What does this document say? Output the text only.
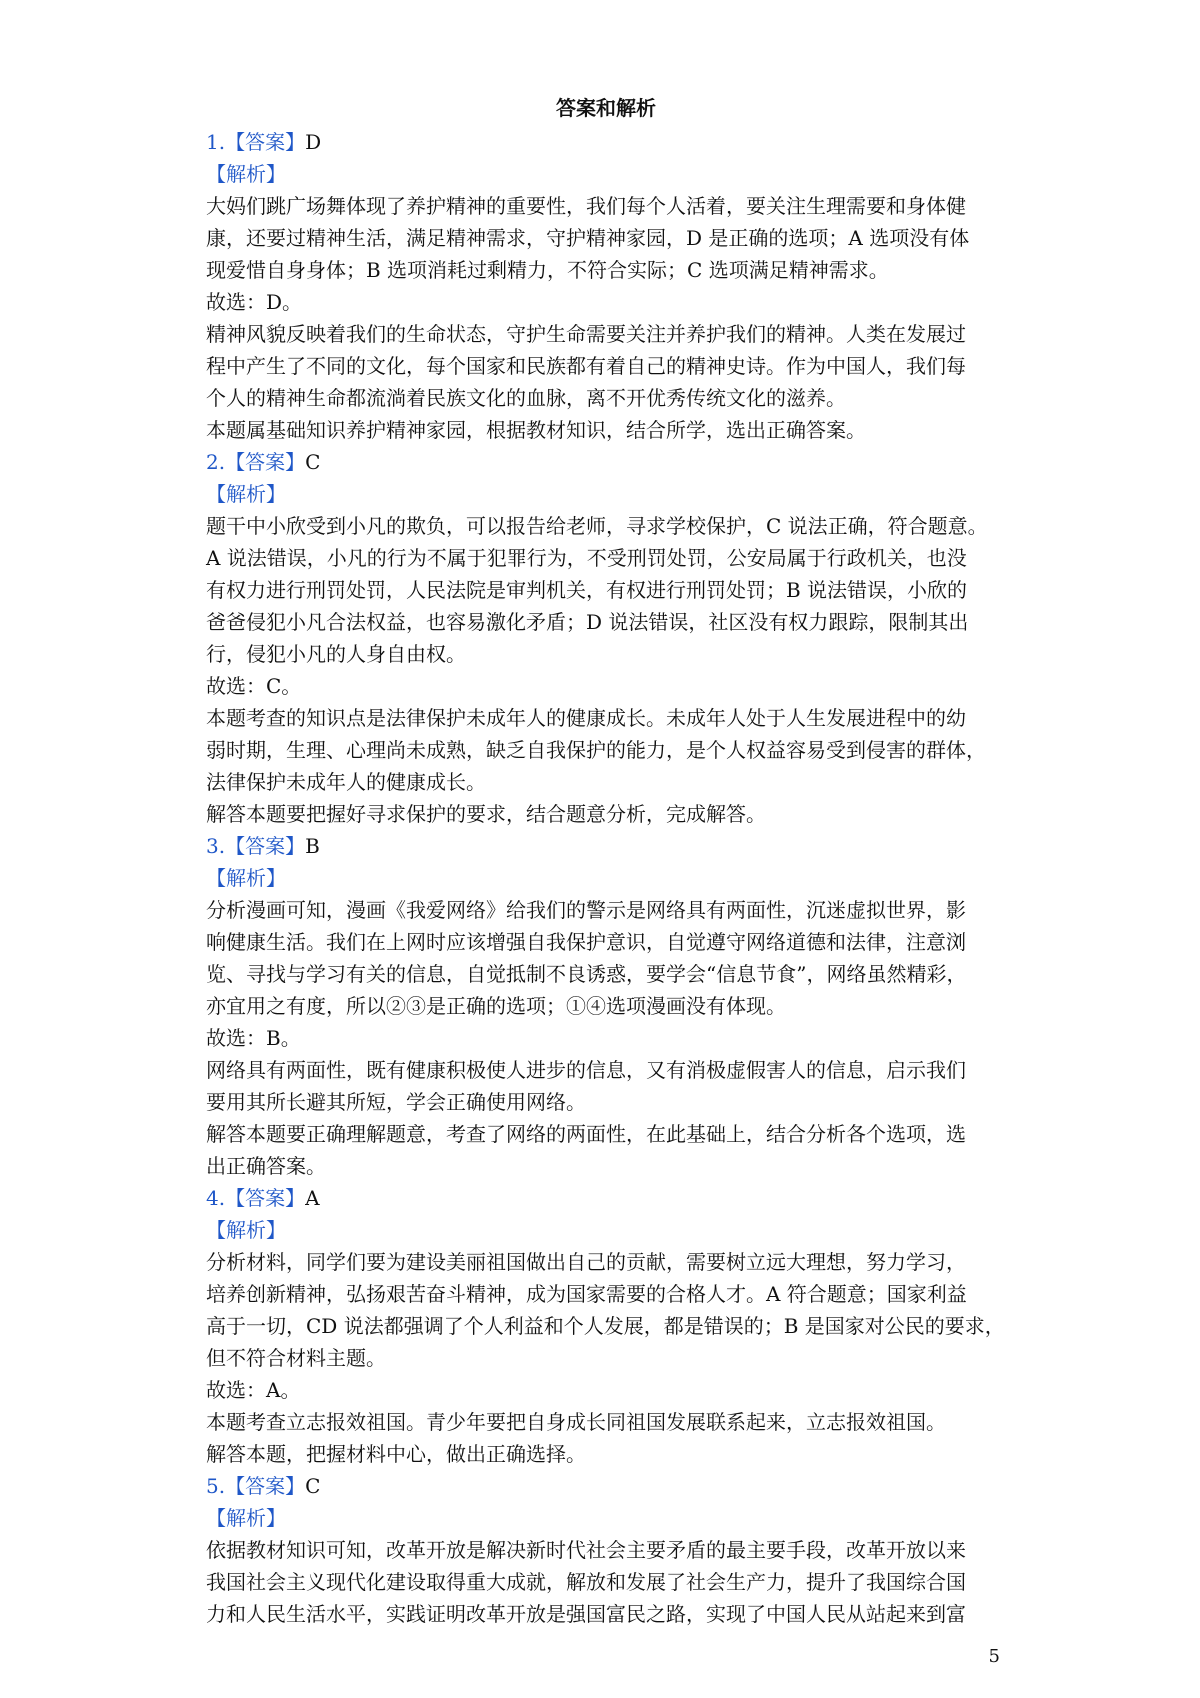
答案和解析

1.【答案】D

【解析】

大妈们跳广场舞体现了养护精神的重要性，我们每个人活着，要关注生理需要和身体健

康，还要过精神生活，满足精神需求，守护精神家园，D 是正确的选项；A 选项没有体

现爱惜自身身体；B 选项消耗过剩精力，不符合实际；C 选项满足精神需求。

故选：D。

精神风貌反映着我们的生命状态，守护生命需要关注并养护我们的精神。人类在发展过

程中产生了不同的文化，每个国家和民族都有着自己的精神史诗。作为中国人，我们每

个人的精神生命都流淌着民族文化的血脉，离不开优秀传统文化的滋养。

本题属基础知识养护精神家园，根据教材知识，结合所学，选出正确答案。

2.【答案】C

【解析】

题干中小欣受到小凡的欺负，可以报告给老师，寻求学校保护，C 说法正确，符合题意。

A 说法错误，小凡的行为不属于犯罪行为，不受刑罚处罚，公安局属于行政机关，也没

有权力进行刑罚处罚，人民法院是审判机关，有权进行刑罚处罚；B 说法错误，小欣的

爸爸侵犯小凡合法权益，也容易激化矛盾；D 说法错误，社区没有权力跟踪，限制其出

行，侵犯小凡的人身自由权。

故选：C。

本题考查的知识点是法律保护未成年人的健康成长。未成年人处于人生发展进程中的幼

弱时期，生理、心理尚未成熟，缺乏自我保护的能力，是个人权益容易受到侵害的群体，

法律保护未成年人的健康成长。

解答本题要把握好寻求保护的要求，结合题意分析，完成解答。

3.【答案】B

【解析】

分析漫画可知，漫画《我爱网络》给我们的警示是网络具有两面性，沉迷虚拟世界，影

响健康生活。我们在上网时应该增强自我保护意识，自觉遵守网络道德和法律，注意浏

览、寻找与学习有关的信息，自觉抵制不良诱惑，要学会“信息节食”，网络虽然精彩，

亦宜用之有度，所以②③是正确的选项；①④选项漫画没有体现。

故选：B。

网络具有两面性，既有健康积极使人进步的信息，又有消极虚假害人的信息，启示我们

要用其所长避其所短，学会正确使用网络。

解答本题要正确理解题意，考查了网络的两面性，在此基础上，结合分析各个选项，选

出正确答案。

4.【答案】A

【解析】

分析材料，同学们要为建设美丽祖国做出自己的贡献，需要树立远大理想，努力学习，

培养创新精神，弘扬艰苦奋斗精神，成为国家需要的合格人才。A 符合题意；国家利益

高于一切，CD 说法都强调了个人利益和个人发展，都是错误的；B 是国家对公民的要求，

但不符合材料主题。

故选：A。

本题考查立志报效祖国。青少年要把自身成长同祖国发展联系起来，立志报效祖国。

解答本题，把握材料中心，做出正确选择。

5.【答案】C

【解析】

依据教材知识可知，改革开放是解决新时代社会主要矛盾的最主要手段，改革开放以来

我国社会主义现代化建设取得重大成就，解放和发展了社会生产力，提升了我国综合国

力和人民生活水平，实践证明改革开放是强国富民之路，实现了中国人民从站起来到富

5
